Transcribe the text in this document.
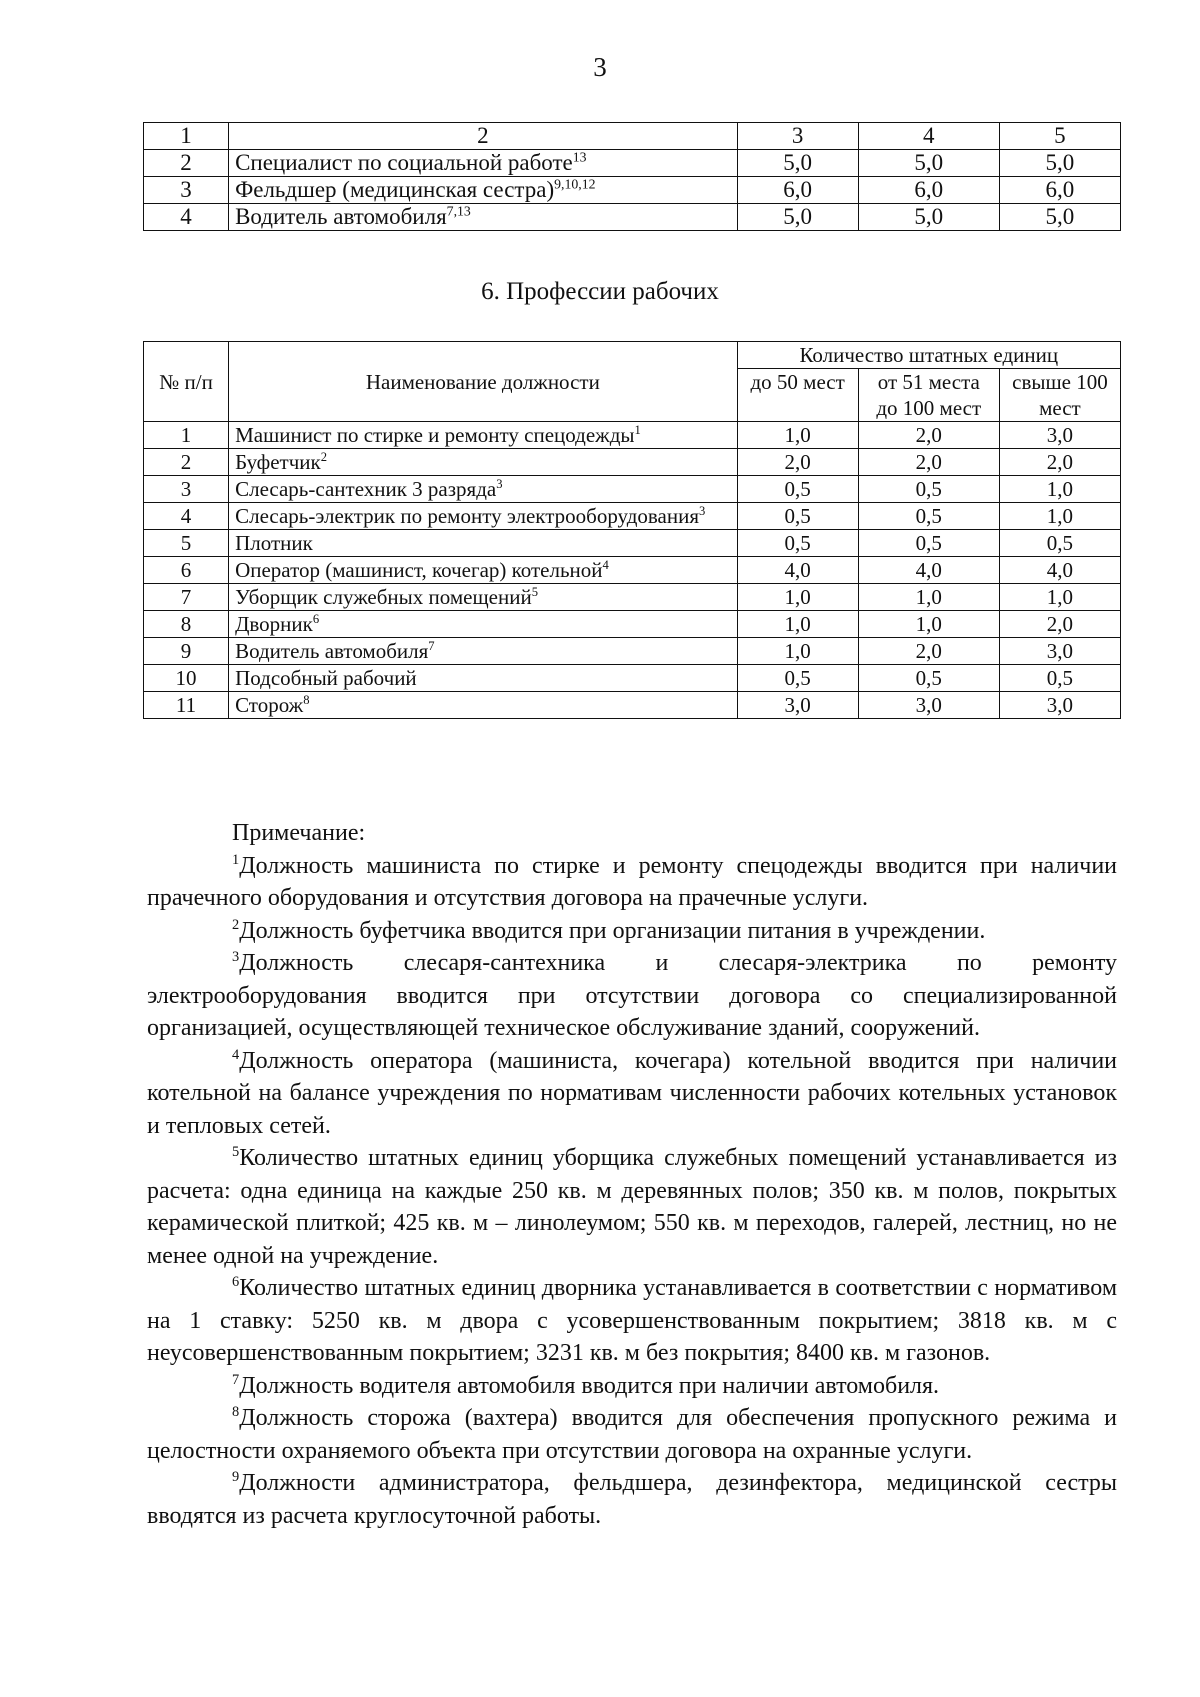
3
1	2	3	4	5
2	Специалист по социальной работе$^{13}$	5,0	5,0	5,0
3	Фельдшер (медицинская сестра)$^{9,10,12}$	6,0	6,0	6,0
4	Водитель автомобиля$^{7,13}$	5,0	5,0	5,0
6. Профессии рабочих
№ п/п	Наименование должности	Количество штатных единиц		
		до 50 мест	от 51 места до 100 мест	свыше 100 мест
1	Машинист по стирке и ремонту спецодежды$^1$	1,0	2,0	3,0
2	Буфетчик$^2$	2,0	2,0	2,0
3	Слесарь-сантехник 3 разряда$^3$	0,5	0,5	1,0
4	Слесарь-электрик по ремонту электрооборудования$^3$	0,5	0,5	1,0
5	Плотник	0,5	0,5	0,5
6	Оператор (машинист, кочегар) котельной$^4$	4,0	4,0	4,0
7	Уборщик служебных помещений$^5$	1,0	1,0	1,0
8	Дворник$^6$	1,0	1,0	2,0
9	Водитель автомобиля$^7$	1,0	2,0	3,0
10	Подсобный рабочий	0,5	0,5	0,5
11	Сторож$^8$	3,0	3,0	3,0

Примечание:

$^1$Должность машиниста по стирке и ремонту спецодежды вводится при наличии прачечного оборудования и отсутствия договора на прачечные услуги.

$^2$Должность буфетчика вводится при организации питания в учреждении.

$^3$Должность слесаря-сантехника и слесаря-электрика по ремонту электрооборудования вводится при отсутствии договора со специализированной организацией, осуществляющей техническое обслуживание зданий, сооружений.

$^4$Должность оператора (машиниста, кочегара) котельной вводится при наличии котельной на балансе учреждения по нормативам численности рабочих котельных установок и тепловых сетей.

$^5$Количество штатных единиц уборщика служебных помещений устанавливается из расчета: одна единица на каждые 250 кв. м деревянных полов; 350 кв. м полов, покрытых керамической плиткой; 425 кв. м – линолеумом; 550 кв. м переходов, галерей, лестниц, но не менее одной на учреждение.

$^6$Количество штатных единиц дворника устанавливается в соответствии с нормативом на 1 ставку: 5250 кв. м двора с усовершенствованным покрытием; 3818 кв. м с неусовершенствованным покрытием; 3231 кв. м без покрытия; 8400 кв. м газонов.

$^7$Должность водителя автомобиля вводится при наличии автомобиля.

$^8$Должность сторожа (вахтера) вводится для обеспечения пропускного режима и целостности охраняемого объекта при отсутствии договора на охранные услуги.

$^9$Должности администратора, фельдшера, дезинфектора, медицинской сестры вводятся из расчета круглосуточной работы.
